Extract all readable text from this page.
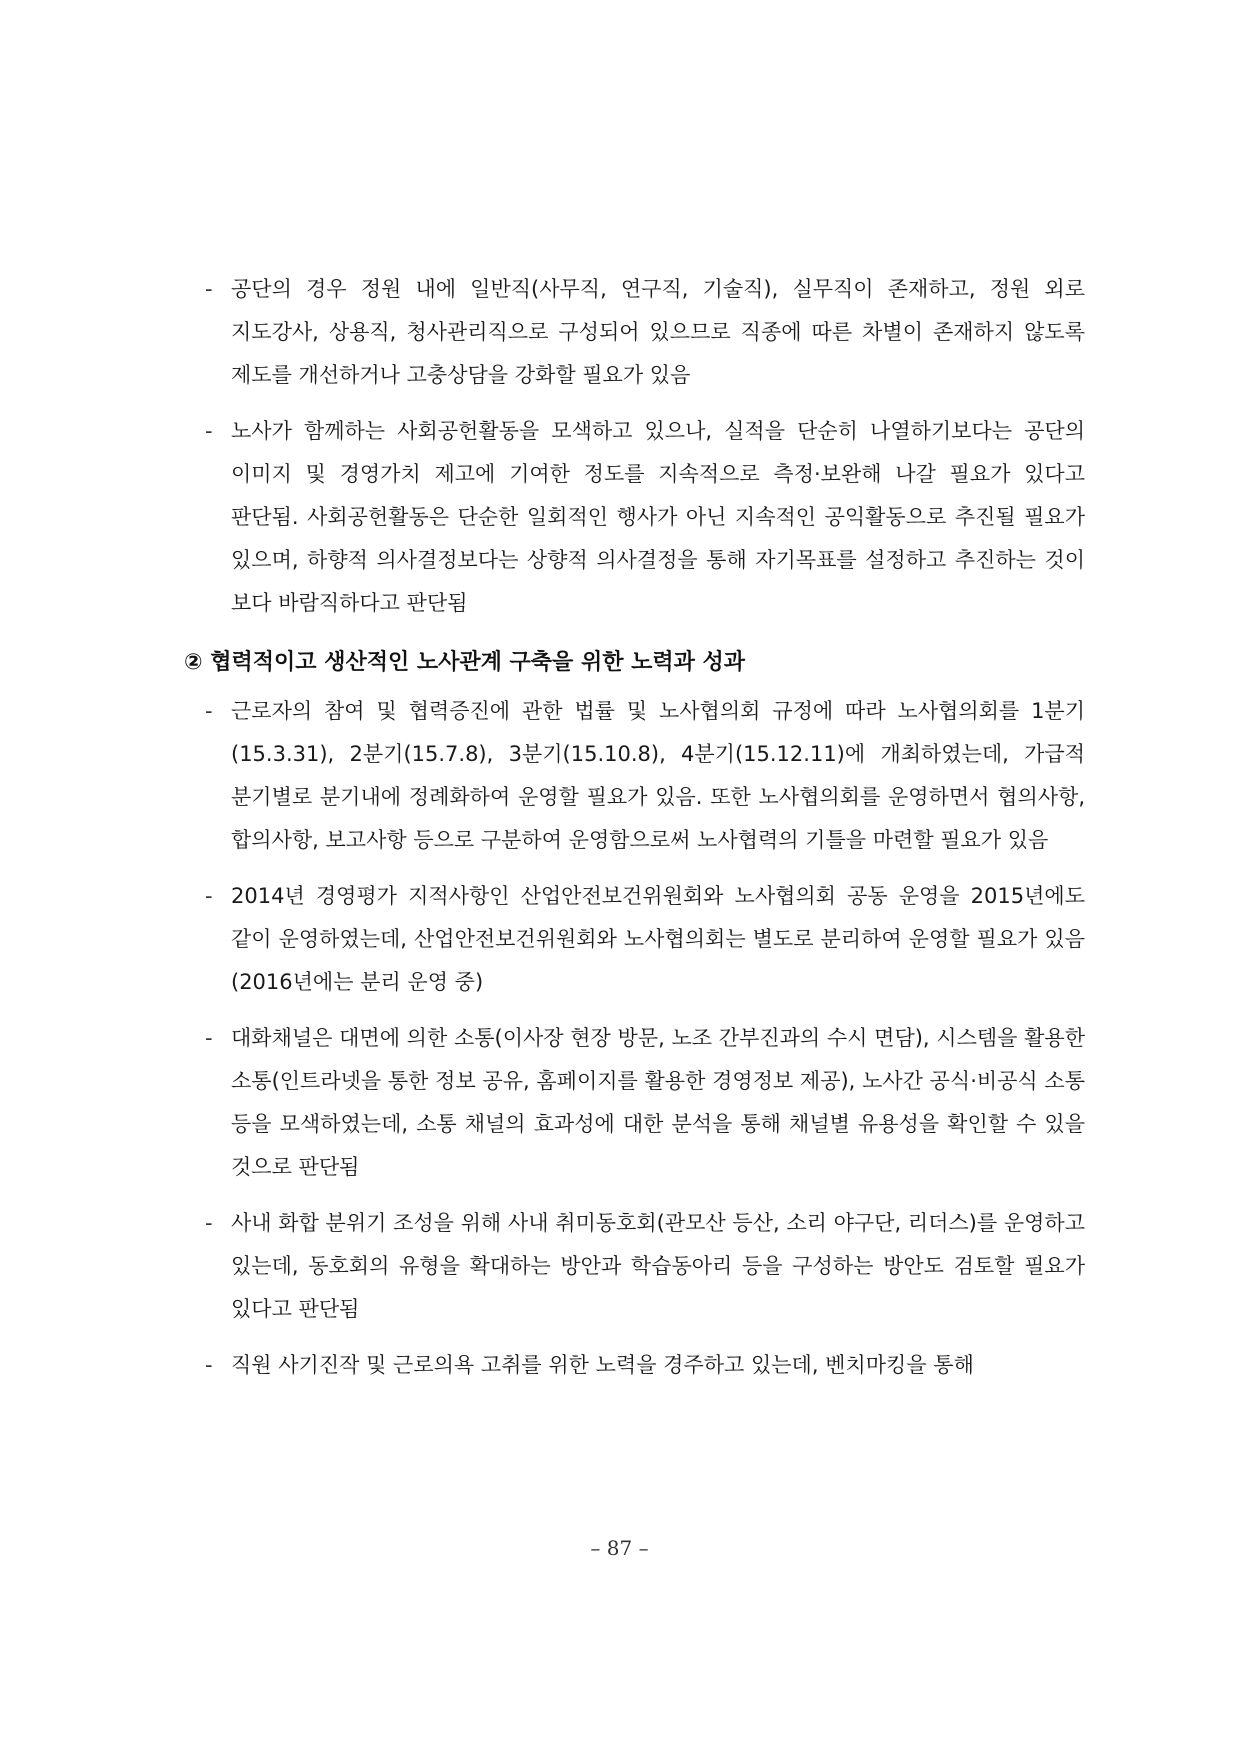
- 공단의 경우 정원 내에 일반직(사무직, 연구직, 기술직), 실무직이 존재하고, 정원 외로 지도강사, 상용직, 청사관리직으로 구성되어 있으므로 직종에 따른 차별이 존재하지 않도록 제도를 개선하거나 고충상담을 강화할 필요가 있음
- 노사가 함께하는 사회공헌활동을 모색하고 있으나, 실적을 단순히 나열하기보다는 공단의 이미지 및 경영가치 제고에 기여한 정도를 지속적으로 측정·보완해 나갈 필요가 있다고 판단됨. 사회공헌활동은 단순한 일회적인 행사가 아닌 지속적인 공익활동으로 추진될 필요가 있으며, 하향적 의사결정보다는 상향적 의사결정을 통해 자기목표를 설정하고 추진하는 것이 보다 바람직하다고 판단됨
② 협력적이고 생산적인 노사관계 구축을 위한 노력과 성과
- 근로자의 참여 및 협력증진에 관한 법률 및 노사협의회 규정에 따라 노사협의회를 1분기(15.3.31), 2분기(15.7.8), 3분기(15.10.8), 4분기(15.12.11)에 개최하였는데, 가급적 분기별로 분기내에 정례화하여 운영할 필요가 있음. 또한 노사협의회를 운영하면서 협의사항, 합의사항, 보고사항 등으로 구분하여 운영함으로써 노사협력의 기틀을 마련할 필요가 있음
- 2014년 경영평가 지적사항인 산업안전보건위원회와 노사협의회 공동 운영을 2015년에도 같이 운영하였는데, 산업안전보건위원회와 노사협의회는 별도로 분리하여 운영할 필요가 있음(2016년에는 분리 운영 중)
- 대화채널은 대면에 의한 소통(이사장 현장 방문, 노조 간부진과의 수시 면담), 시스템을 활용한 소통(인트라넷을 통한 정보 공유, 홈페이지를 활용한 경영정보 제공), 노사간 공식·비공식 소통 등을 모색하였는데, 소통 채널의 효과성에 대한 분석을 통해 채널별 유용성을 확인할 수 있을 것으로 판단됨
- 사내 화합 분위기 조성을 위해 사내 취미동호회(관모산 등산, 소리 야구단, 리더스)를 운영하고 있는데, 동호회의 유형을 확대하는 방안과 학습동아리 등을 구성하는 방안도 검토할 필요가 있다고 판단됨
- 직원 사기진작 및 근로의욕 고취를 위한 노력을 경주하고 있는데, 벤치마킹을 통해
– 87 –
